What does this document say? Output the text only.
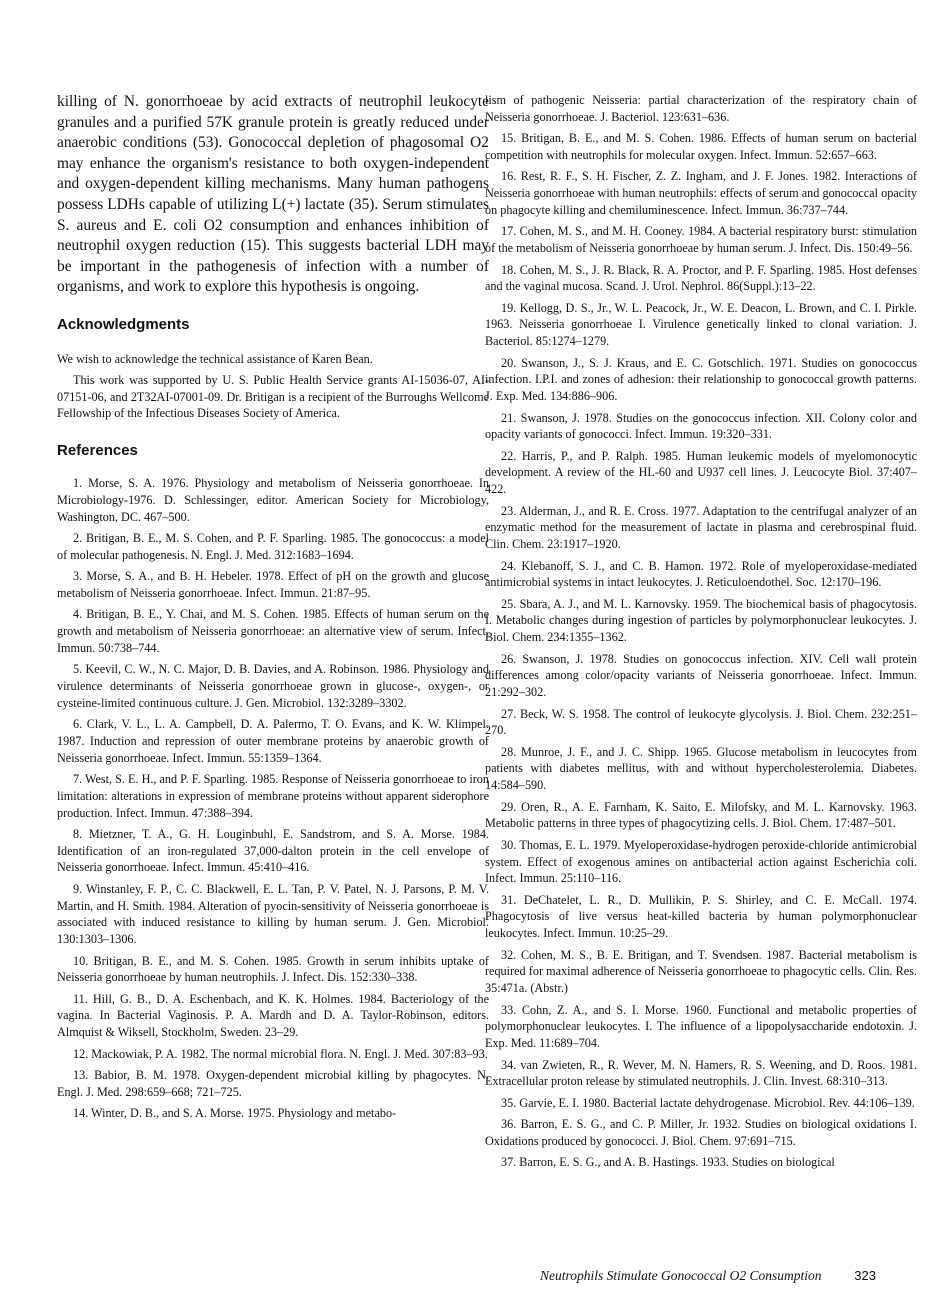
killing of N. gonorrhoeae by acid extracts of neutrophil leukocyte granules and a purified 57K granule protein is greatly reduced under anaerobic conditions (53). Gonococcal depletion of phagosomal O2 may enhance the organism's resistance to both oxygen-independent and oxygen-dependent killing mechanisms. Many human pathogens possess LDHs capable of utilizing L(+) lactate (35). Serum stimulates S. aureus and E. coli O2 consumption and enhances inhibition of neutrophil oxygen reduction (15). This suggests bacterial LDH may be important in the pathogenesis of infection with a number of organisms, and work to explore this hypothesis is ongoing.

Acknowledgments

We wish to acknowledge the technical assistance of Karen Bean.

This work was supported by U. S. Public Health Service grants AI-15036-07, AI-07151-06, and 2T32AI-07001-09. Dr. Britigan is a recipient of the Burroughs Wellcome Fellowship of the Infectious Diseases Society of America.

References
1. Morse, S. A. 1976. Physiology and metabolism of Neisseria gonorrhoeae. In Microbiology-1976. D. Schlessinger, editor. American Society for Microbiology, Washington, DC. 467–500.
2. Britigan, B. E., M. S. Cohen, and P. F. Sparling. 1985. The gonococcus: a model of molecular pathogenesis. N. Engl. J. Med. 312:1683–1694.
3. Morse, S. A., and B. H. Hebeler. 1978. Effect of pH on the growth and glucose metabolism of Neisseria gonorrhoeae. Infect. Immun. 21:87–95.
4. Britigan, B. E., Y. Chai, and M. S. Cohen. 1985. Effects of human serum on the growth and metabolism of Neisseria gonorrhoeae: an alternative view of serum. Infect. Immun. 50:738–744.
5. Keevil, C. W., N. C. Major, D. B. Davies, and A. Robinson. 1986. Physiology and virulence determinants of Neisseria gonorrhoeae grown in glucose-, oxygen-, or cysteine-limited continuous culture. J. Gen. Microbiol. 132:3289–3302.
6. Clark, V. L., L. A. Campbell, D. A. Palermo, T. O. Evans, and K. W. Klimpel. 1987. Induction and repression of outer membrane proteins by anaerobic growth of Neisseria gonorrhoeae. Infect. Immun. 55:1359–1364.
7. West, S. E. H., and P. F. Sparling. 1985. Response of Neisseria gonorrhoeae to iron limitation: alterations in expression of membrane proteins without apparent siderophore production. Infect. Immun. 47:388–394.
8. Mietzner, T. A., G. H. Louginbuhl, E. Sandstrom, and S. A. Morse. 1984. Identification of an iron-regulated 37,000-dalton protein in the cell envelope of Neisseria gonorrhoeae. Infect. Immun. 45:410–416.
9. Winstanley, F. P., C. C. Blackwell, E. L. Tan, P. V. Patel, N. J. Parsons, P. M. V. Martin, and H. Smith. 1984. Alteration of pyocin-sensitivity of Neisseria gonorrhoeae is associated with induced resistance to killing by human serum. J. Gen. Microbiol. 130:1303–1306.
10. Britigan, B. E., and M. S. Cohen. 1985. Growth in serum inhibits uptake of Neisseria gonorrhoeae by human neutrophils. J. Infect. Dis. 152:330–338.
11. Hill, G. B., D. A. Eschenbach, and K. K. Holmes. 1984. Bacteriology of the vagina. In Bacterial Vaginosis. P. A. Mardh and D. A. Taylor-Robinson, editors. Almquist & Wiksell, Stockholm, Sweden. 23–29.
12. Mackowiak, P. A. 1982. The normal microbial flora. N. Engl. J. Med. 307:83–93.
13. Babior, B. M. 1978. Oxygen-dependent microbial killing by phagocytes. N. Engl. J. Med. 298:659–668; 721–725.
14. Winter, D. B., and S. A. Morse. 1975. Physiology and metabo-
lism of pathogenic Neisseria: partial characterization of the respiratory chain of Neisseria gonorrhoeae. J. Bacteriol. 123:631–636.
15. Britigan, B. E., and M. S. Cohen. 1986. Effects of human serum on bacterial competition with neutrophils for molecular oxygen. Infect. Immun. 52:657–663.
16. Rest, R. F., S. H. Fischer, Z. Z. Ingham, and J. F. Jones. 1982. Interactions of Neisseria gonorrhoeae with human neutrophils: effects of serum and gonococcal opacity on phagocyte killing and chemiluminescence. Infect. Immun. 36:737–744.
17. Cohen, M. S., and M. H. Cooney. 1984. A bacterial respiratory burst: stimulation of the metabolism of Neisseria gonorrhoeae by human serum. J. Infect. Dis. 150:49–56.
18. Cohen, M. S., J. R. Black, R. A. Proctor, and P. F. Sparling. 1985. Host defenses and the vaginal mucosa. Scand. J. Urol. Nephrol. 86(Suppl.):13–22.
19. Kellogg, D. S., Jr., W. L. Peacock, Jr., W. E. Deacon, L. Brown, and C. I. Pirkle. 1963. Neisseria gonorrhoeae I. Virulence genetically linked to clonal variation. J. Bacteriol. 85:1274–1279.
20. Swanson, J., S. J. Kraus, and E. C. Gotschlich. 1971. Studies on gonococcus infection. I.P.I. and zones of adhesion: their relationship to gonococcal growth patterns. J. Exp. Med. 134:886–906.
21. Swanson, J. 1978. Studies on the gonococcus infection. XII. Colony color and opacity variants of gonococci. Infect. Immun. 19:320–331.
22. Harris, P., and P. Ralph. 1985. Human leukemic models of myelomonocytic development. A review of the HL-60 and U937 cell lines. J. Leucocyte Biol. 37:407–422.
23. Alderman, J., and R. E. Cross. 1977. Adaptation to the centrifugal analyzer of an enzymatic method for the measurement of lactate in plasma and cerebrospinal fluid. Clin. Chem. 23:1917–1920.
24. Klebanoff, S. J., and C. B. Hamon. 1972. Role of myeloperoxidase-mediated antimicrobial systems in intact leukocytes. J. Reticuloendothel. Soc. 12:170–196.
25. Sbara, A. J., and M. L. Karnovsky. 1959. The biochemical basis of phagocytosis. I. Metabolic changes during ingestion of particles by polymorphonuclear leukocytes. J. Biol. Chem. 234:1355–1362.
26. Swanson, J. 1978. Studies on gonococcus infection. XIV. Cell wall protein differences among color/opacity variants of Neisseria gonorrhoeae. Infect. Immun. 21:292–302.
27. Beck, W. S. 1958. The control of leukocyte glycolysis. J. Biol. Chem. 232:251–270.
28. Munroe, J. F., and J. C. Shipp. 1965. Glucose metabolism in leucocytes from patients with diabetes mellitus, with and without hypercholesterolemia. Diabetes. 14:584–590.
29. Oren, R., A. E. Farnham, K. Saito, E. Milofsky, and M. L. Karnovsky. 1963. Metabolic patterns in three types of phagocytizing cells. J. Biol. Chem. 17:487–501.
30. Thomas, E. L. 1979. Myeloperoxidase-hydrogen peroxide-chloride antimicrobial system. Effect of exogenous amines on antibacterial action against Escherichia coli. Infect. Immun. 25:110–116.
31. DeChatelet, L. R., D. Mullikin, P. S. Shirley, and C. E. McCall. 1974. Phagocytosis of live versus heat-killed bacteria by human polymorphonuclear leukocytes. Infect. Immun. 10:25–29.
32. Cohen, M. S., B. E. Britigan, and T. Svendsen. 1987. Bacterial metabolism is required for maximal adherence of Neisseria gonorrhoeae to phagocytic cells. Clin. Res. 35:471a. (Abstr.)
33. Cohn, Z. A., and S. I. Morse. 1960. Functional and metabolic properties of polymorphonuclear leukocytes. I. The influence of a lipopolysaccharide endotoxin. J. Exp. Med. 11:689–704.
34. van Zwieten, R., R. Wever, M. N. Hamers, R. S. Weening, and D. Roos. 1981. Extracellular proton release by stimulated neutrophils. J. Clin. Invest. 68:310–313.
35. Garvie, E. I. 1980. Bacterial lactate dehydrogenase. Microbiol. Rev. 44:106–139.
36. Barron, E. S. G., and C. P. Miller, Jr. 1932. Studies on biological oxidations I. Oxidations produced by gonococci. J. Biol. Chem. 97:691–715.
37. Barron, E. S. G., and A. B. Hastings. 1933. Studies on biological
Neutrophils Stimulate Gonococcal O2 Consumption	323
